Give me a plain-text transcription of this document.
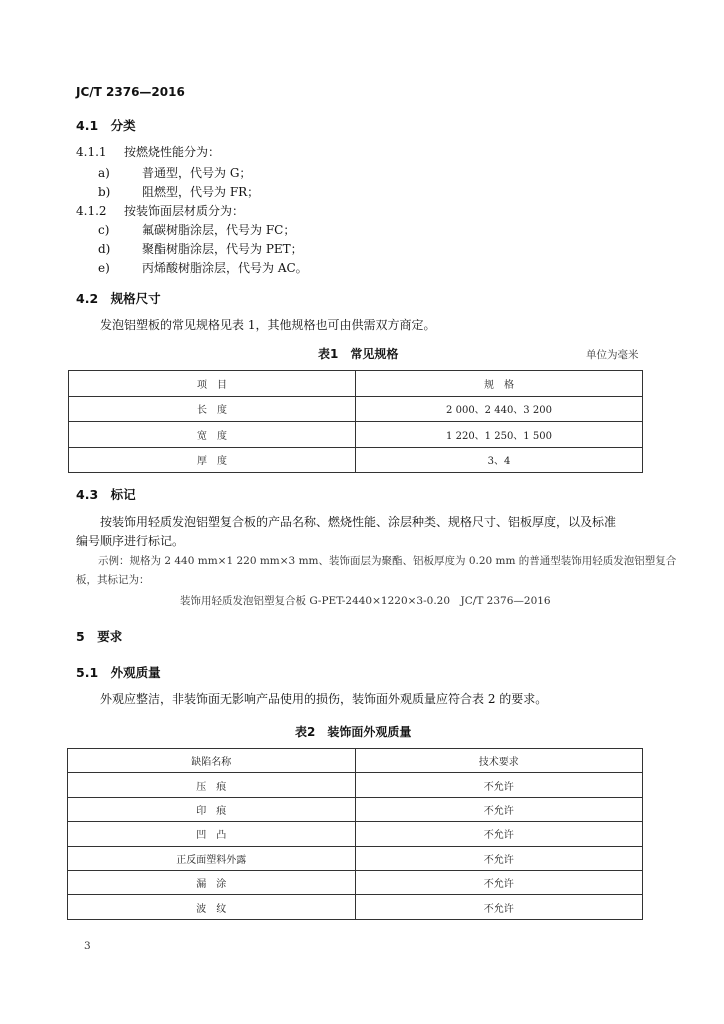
JC/T 2376—2016
4.1　分类
4.1.1 按燃烧性能分为：
a)	普通型，代号为 G；
b)	阻燃型，代号为 FR；
4.1.2 按装饰面层材质分为：
c)	氟碳树脂涂层，代号为 FC；
d)	聚酯树脂涂层，代号为 PET；
e)	丙烯酸树脂涂层，代号为 AC。
4.2　规格尺寸
发泡铝塑板的常见规格见表 1，其他规格也可由供需双方商定。
表1　常见规格	单位为毫米
项　目	规　格
长　度	2 000、2 440、3 200
宽　度	1 220、1 250、1 500
厚　度	3、4
4.3　标记
按装饰用轻质发泡铝塑复合板的产品名称、燃烧性能、涂层种类、规格尺寸、铝板厚度，以及标准
编号顺序进行标记。
示例：规格为 2 440 mm×1 220 mm×3 mm、装饰面层为聚酯、铝板厚度为 0.20 mm 的普通型装饰用轻质发泡铝塑复合
板，其标记为：
装饰用轻质发泡铝塑复合板 G-PET-2440×1220×3-0.20　JC/T 2376—2016
5　要求
5.1　外观质量
外观应整洁，非装饰面无影响产品使用的损伤，装饰面外观质量应符合表 2 的要求。
表2　装饰面外观质量
缺陷名称	技术要求
压　痕	不允许
印　痕	不允许
凹　凸	不允许
正反面塑料外露	不允许
漏　涂	不允许
波　纹	不允许
3
